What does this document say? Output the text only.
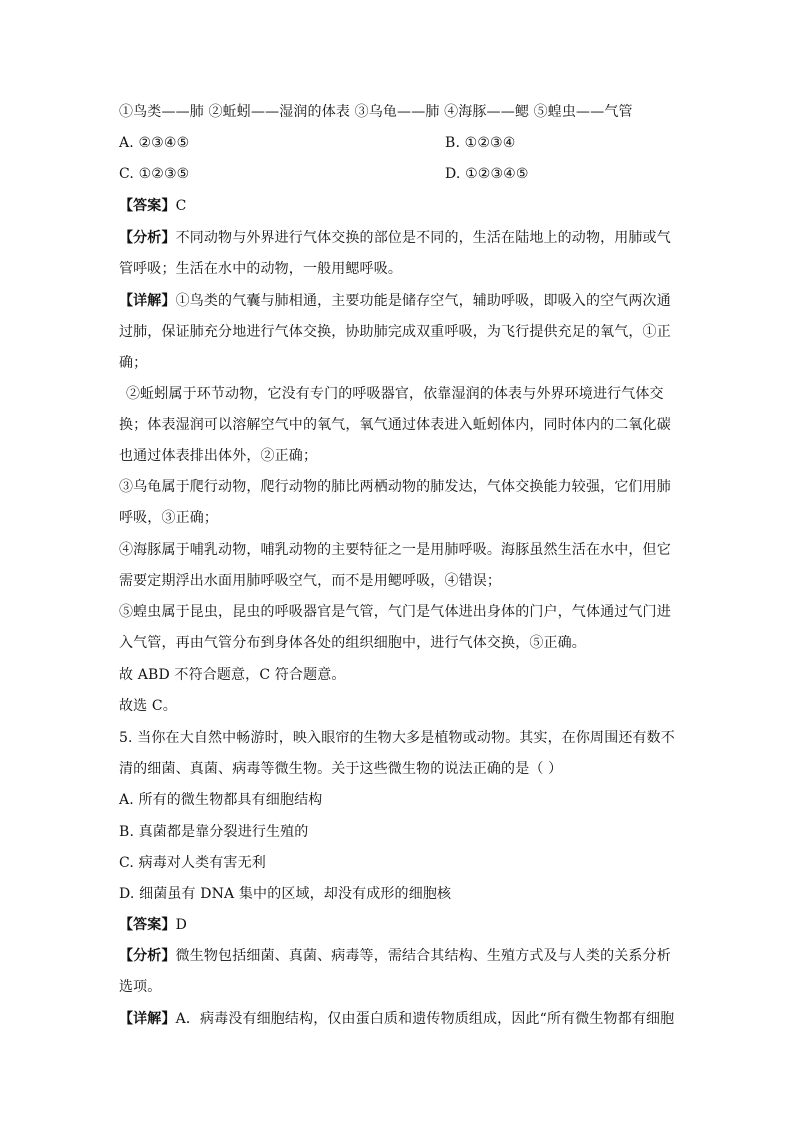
①鸟类——肺 ②蚯蚓——湿润的体表 ③乌龟——肺 ④海豚——鳃 ⑤蝗虫——气管
A. ②③④⑤	B. ①②③④
C. ①②③⑤	D. ①②③④⑤
【答案】C
【分析】不同动物与外界进行气体交换的部位是不同的，生活在陆地上的动物，用肺或气
管呼吸；生活在水中的动物，一般用鳃呼吸。
【详解】①鸟类的气囊与肺相通，主要功能是储存空气，辅助呼吸，即吸入的空气两次通
过肺，保证肺充分地进行气体交换，协助肺完成双重呼吸，为飞行提供充足的氧气，①正
确；
②蚯蚓属于环节动物，它没有专门的呼吸器官，依靠湿润的体表与外界环境进行气体交
换；体表湿润可以溶解空气中的氧气，氧气通过体表进入蚯蚓体内，同时体内的二氧化碳
也通过体表排出体外，②正确；
③乌龟属于爬行动物，爬行动物的肺比两栖动物的肺发达，气体交换能力较强，它们用肺
呼吸，③正确；
④海豚属于哺乳动物，哺乳动物的主要特征之一是用肺呼吸。海豚虽然生活在水中，但它
需要定期浮出水面用肺呼吸空气，而不是用鳃呼吸，④错误；
⑤蝗虫属于昆虫，昆虫的呼吸器官是气管，气门是气体进出身体的门户，气体通过气门进
入气管，再由气管分布到身体各处的组织细胞中，进行气体交换，⑤正确。
故 ABD 不符合题意，C 符合题意。
故选 C。
5. 当你在大自然中畅游时，映入眼帘的生物大多是植物或动物。其实，在你周围还有数不
清的细菌、真菌、病毒等微生物。关于这些微生物的说法正确的是（ ）
A. 所有的微生物都具有细胞结构
B. 真菌都是靠分裂进行生殖的
C. 病毒对人类有害无利
D. 细菌虽有 DNA 集中的区域，却没有成形的细胞核
【答案】D
【分析】微生物包括细菌、真菌、病毒等，需结合其结构、生殖方式及与人类的关系分析
选项。
【详解】A．病毒没有细胞结构，仅由蛋白质和遗传物质组成，因此“所有微生物都有细胞
